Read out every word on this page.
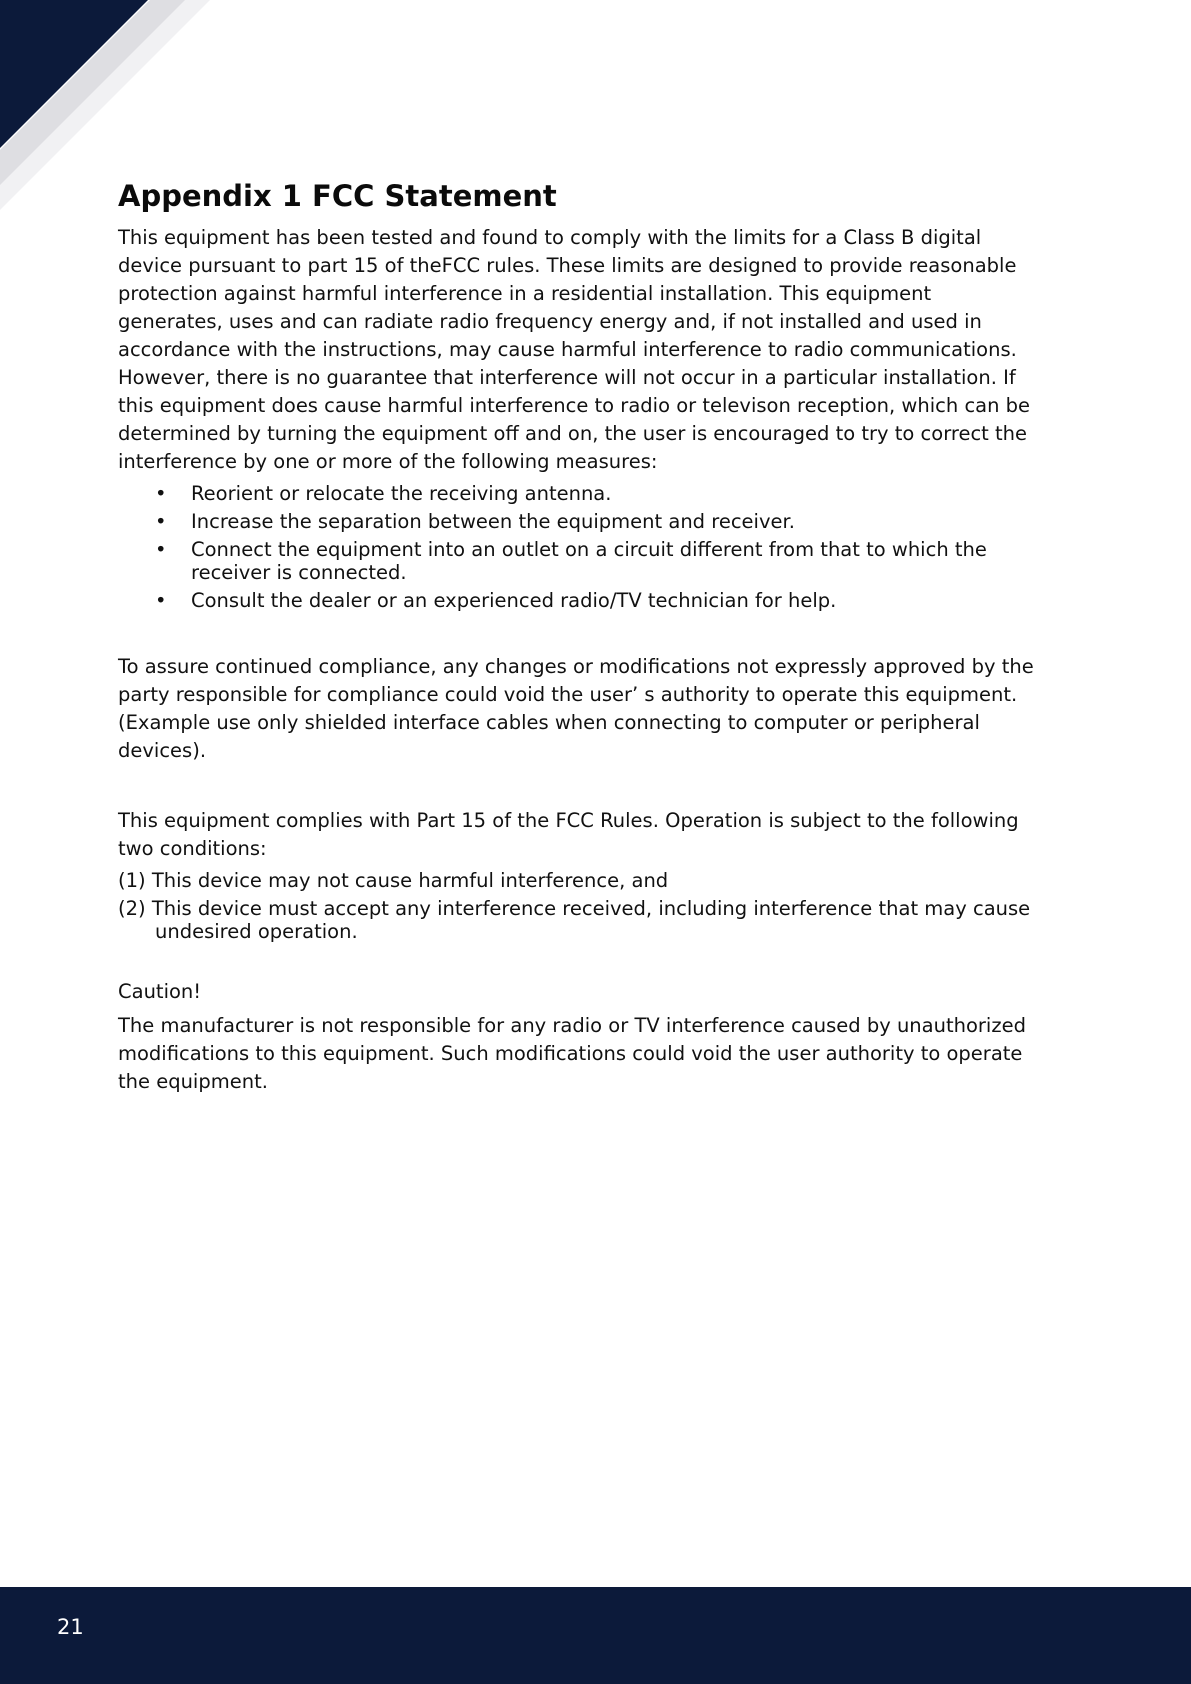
Appendix 1 FCC Statement

This equipment has been tested and found to comply with the limits for a Class B digital device pursuant to part 15 of theFCC rules. These limits are designed to provide reasonable protection against harmful interference in a residential installation. This equipment generates, uses and can radiate radio frequency energy and, if not installed and used in accordance with the instructions, may cause harmful interference to radio communications. However, there is no guarantee that interference will not occur in a particular installation. If this equipment does cause harmful interference to radio or televison reception, which can be determined by turning the equipment off and on, the user is encouraged to try to correct the interference by one or more of the following measures:

• Reorient or relocate the receiving antenna.
• Increase the separation between the equipment and receiver.
• Connect the equipment into an outlet on a circuit different from that to which the receiver is connected.
• Consult the dealer or an experienced radio/TV technician for help.

To assure continued compliance, any changes or modifications not expressly approved by the party responsible for compliance could void the user’ s authority to operate this equipment. (Example use only shielded interface cables when connecting to computer or peripheral devices).

This equipment complies with Part 15 of the FCC Rules. Operation is subject to the following two conditions:

(1) This device may not cause harmful interference, and
(2) This device must accept any interference received, including interference that may cause undesired operation.

Caution!

The manufacturer is not responsible for any radio or TV interference caused by unauthorized modifications to this equipment. Such modifications could void the user authority to operate the equipment.

21
